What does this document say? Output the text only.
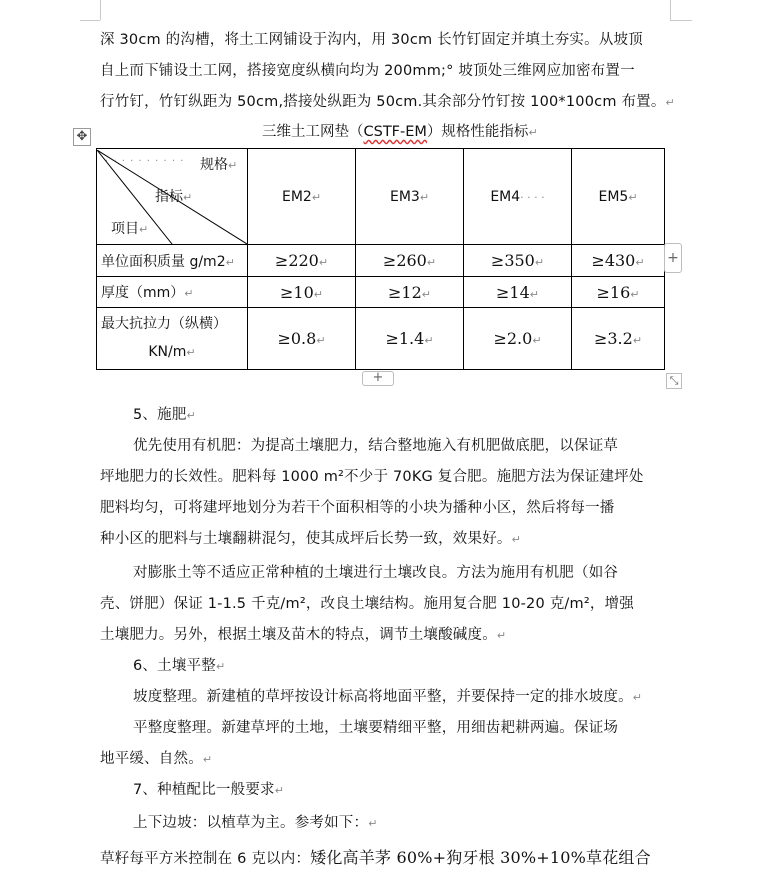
深 30cm 的沟槽，将土工网铺设于沟内，用 30cm 长竹钉固定并填土夯实。从坡顶
自上而下铺设土工网，搭接宽度纵横向均为 200mm;° 坡顶处三维网应加密布置一
行竹钉，竹钉纵距为 50cm,搭接处纵距为 50cm.其余部分竹钉按 100*100cm 布置。↵
三维土工网垫（CSTF-EM）规格性能指标↵
✥
· · · · · · · · · · 规格↵
指标↵
项目↵	EM2↵	EM3↵	EM4· · · ·	EM5↵
单位面积质量 g/m2↵	≥220↵	≥260↵	≥350↵	≥430↵
厚度（mm）↵	≥10↵	≥12↵	≥14↵	≥16↵

最大抗拉力（纵横）
KN/m↵	≥0.8↵	≥1.4↵	≥2.0↵	≥3.2↵
+
+	⤡
5、施肥↵
优先使用有机肥：为提高土壤肥力，结合整地施入有机肥做底肥，以保证草
坪地肥力的长效性。肥料每 1000 m²不少于 70KG 复合肥。施肥方法为保证建坪处
肥料均匀，可将建坪地划分为若干个面积相等的小块为播种小区，然后将每一播
种小区的肥料与土壤翻耕混匀，使其成坪后长势一致，效果好。↵
对膨胀土等不适应正常种植的土壤进行土壤改良。方法为施用有机肥（如谷
壳、饼肥）保证 1-1.5 千克/m²，改良土壤结构。施用复合肥 10-20 克/m²，增强
土壤肥力。另外，根据土壤及苗木的特点，调节土壤酸碱度。↵
6、土壤平整↵
坡度整理。新建植的草坪按设计标高将地面平整，并要保持一定的排水坡度。↵
平整度整理。新建草坪的土地，土壤要精细平整，用细齿耙耕两遍。保证场
地平缓、自然。↵
7、种植配比一般要求↵
上下边坡：以植草为主。参考如下：↵
草籽每平方米控制在 6 克以内：矮化高羊茅 60%+狗牙根 30%+10%草花组合
